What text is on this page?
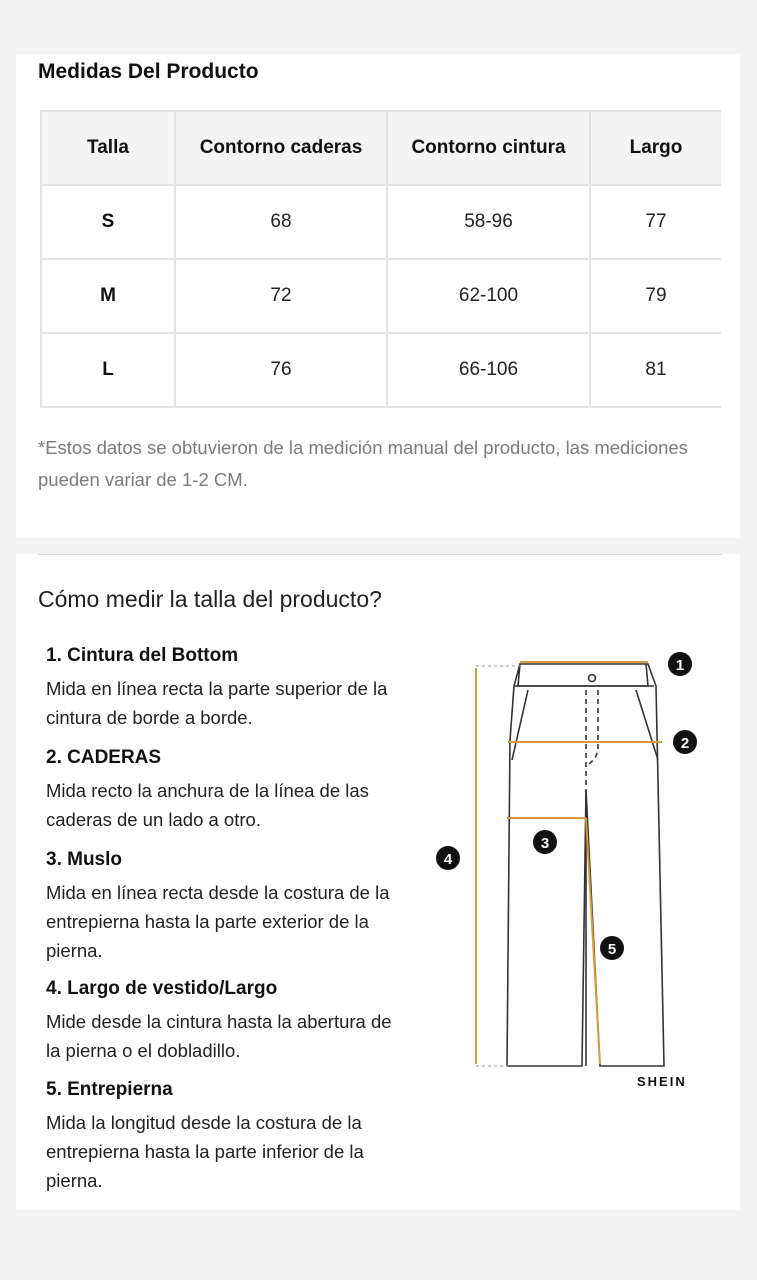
Medidas Del Producto
Talla	Contorno caderas	Contorno cintura	Largo
S	68	58-96	77
M	72	62-100	79
L	76	66-106	81
*Estos datos se obtuvieron de la medición manual del producto, las mediciones pueden variar de 1-2 CM.
Cómo medir la talla del producto?
1. Cintura del Bottom

Mida en línea recta la parte superior de la cintura de borde a borde.

2. CADERAS

Mida recto la anchura de la línea de las caderas de un lado a otro.

3. Muslo

Mida en línea recta desde la costura de la entrepierna hasta la parte exterior de la pierna.

4. Largo de vestido/Largo

Mide desde la cintura hasta la abertura de la pierna o el dobladillo.

5. Entrepierna

Mida la longitud desde la costura de la entrepierna hasta la parte inferior de la pierna.

1
2
3
4
5
SHEIN
